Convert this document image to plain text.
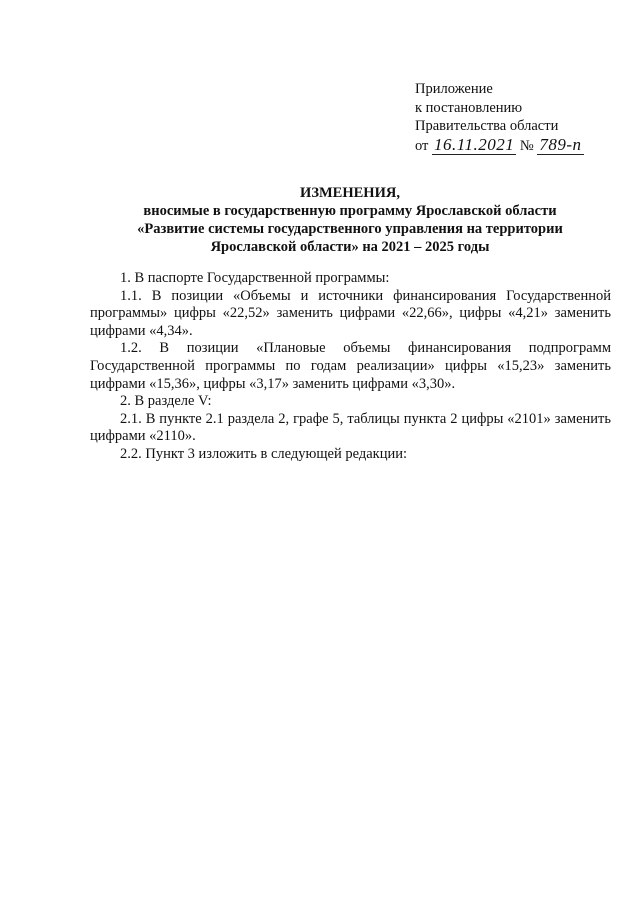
Приложение
к постановлению
Правительства области
от 16.11.2021 № 789-п
ИЗМЕНЕНИЯ,
вносимые в государственную программу Ярославской области
«Развитие системы государственного управления на территории
Ярославской области» на 2021 – 2025 годы

1. В паспорте Государственной программы:

1.1. В позиции «Объемы и источники финансирования Государственной программы» цифры «22,52» заменить цифрами «22,66», цифры «4,21» заменить цифрами «4,34».

1.2. В позиции «Плановые объемы финансирования подпрограмм Государственной программы по годам реализации» цифры «15,23» заменить цифрами «15,36», цифры «3,17» заменить цифрами «3,30».

2. В разделе V:

2.1. В пункте 2.1 раздела 2, графе 5, таблицы пункта 2 цифры «2101» заменить цифрами «2110».

2.2. Пункт 3 изложить в следующей редакции:
